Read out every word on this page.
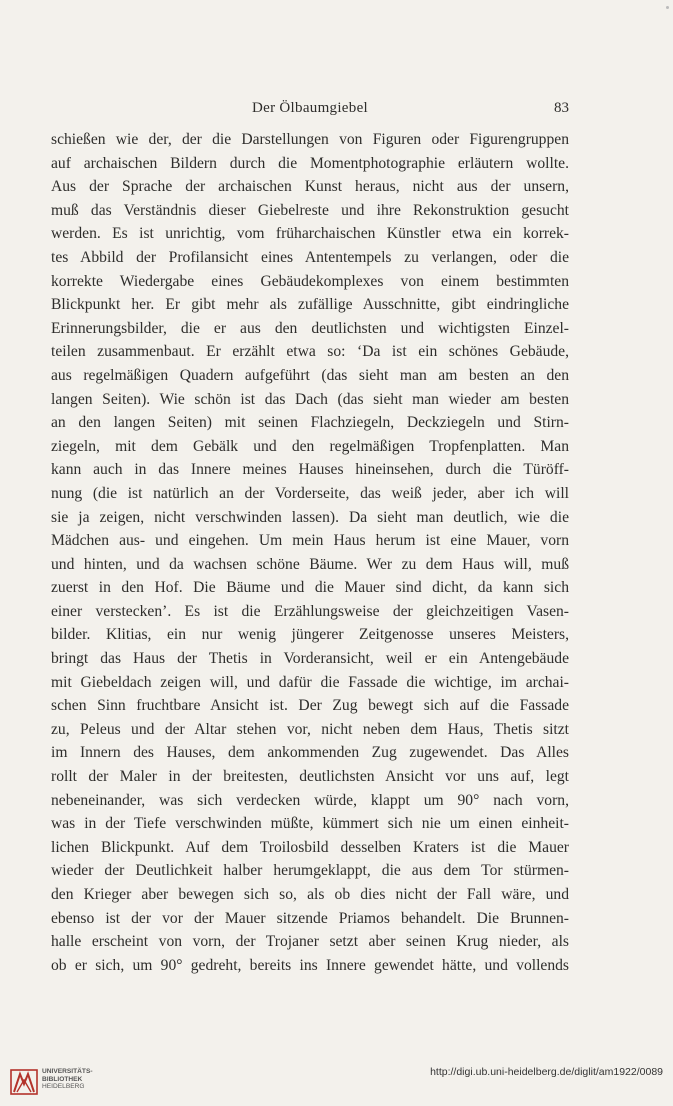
Der Ölbaumgiebel	83
schießen wie der, der die Darstellungen von Figuren oder Figurengruppen
auf archaischen Bildern durch die Momentphotographie erläutern wollte.
Aus der Sprache der archaischen Kunst heraus, nicht aus der unsern,
muß das Verständnis dieser Giebelreste und ihre Rekonstruktion gesucht
werden. Es ist unrichtig, vom früharchaischen Künstler etwa ein korrek-
tes Abbild der Profilansicht eines Antentempels zu verlangen, oder die
korrekte Wiedergabe eines Gebäudekomplexes von einem bestimmten
Blickpunkt her. Er gibt mehr als zufällige Ausschnitte, gibt eindringliche
Erinnerungsbilder, die er aus den deutlichsten und wichtigsten Einzel-
teilen zusammenbaut. Er erzählt etwa so: ‘Da ist ein schönes Gebäude,
aus regelmäßigen Quadern aufgeführt (das sieht man am besten an den
langen Seiten). Wie schön ist das Dach (das sieht man wieder am besten
an den langen Seiten) mit seinen Flachziegeln, Deckziegeln und Stirn-
ziegeln, mit dem Gebälk und den regelmäßigen Tropfenplatten. Man
kann auch in das Innere meines Hauses hineinsehen, durch die Türöff-
nung (die ist natürlich an der Vorderseite, das weiß jeder, aber ich will
sie ja zeigen, nicht verschwinden lassen). Da sieht man deutlich, wie die
Mädchen aus- und eingehen. Um mein Haus herum ist eine Mauer, vorn
und hinten, und da wachsen schöne Bäume. Wer zu dem Haus will, muß
zuerst in den Hof. Die Bäume und die Mauer sind dicht, da kann sich
einer verstecken’. Es ist die Erzählungsweise der gleichzeitigen Vasen-
bilder. Klitias, ein nur wenig jüngerer Zeitgenosse unseres Meisters,
bringt das Haus der Thetis in Vorderansicht, weil er ein Antengebäude
mit Giebeldach zeigen will, und dafür die Fassade die wichtige, im archai-
schen Sinn fruchtbare Ansicht ist. Der Zug bewegt sich auf die Fassade
zu, Peleus und der Altar stehen vor, nicht neben dem Haus, Thetis sitzt
im Innern des Hauses, dem ankommenden Zug zugewendet. Das Alles
rollt der Maler in der breitesten, deutlichsten Ansicht vor uns auf, legt
nebeneinander, was sich verdecken würde, klappt um 90° nach vorn,
was in der Tiefe verschwinden müßte, kümmert sich nie um einen einheit-
lichen Blickpunkt. Auf dem Troilosbild desselben Kraters ist die Mauer
wieder der Deutlichkeit halber herumgeklappt, die aus dem Tor stürmen-
den Krieger aber bewegen sich so, als ob dies nicht der Fall wäre, und
ebenso ist der vor der Mauer sitzende Priamos behandelt. Die Brunnen-
halle erscheint von vorn, der Trojaner setzt aber seinen Krug nieder, als
ob er sich, um 90° gedreht, bereits ins Innere gewendet hätte, und vollends
UNIVERSITÄTS-
BIBLIOTHEK
HEIDELBERG
http://digi.ub.uni-heidelberg.de/diglit/am1922/0089
